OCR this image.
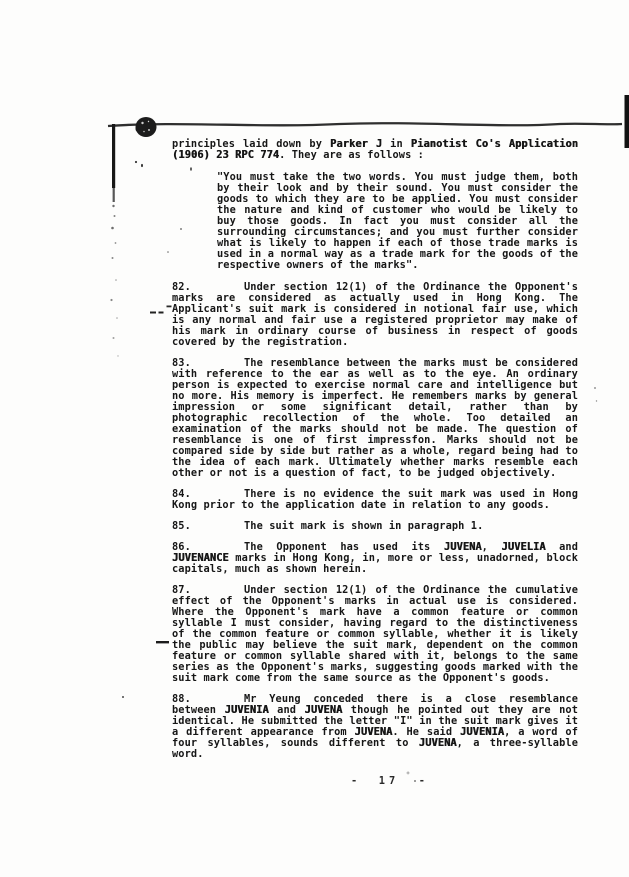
principles laid down by Parker J in Pianotist Co's Application (1906) 23 RPC 774. They are as follows :

"You must take the two words. You must judge them, both by their look and by their sound. You must consider the goods to which they are to be applied. You must consider the nature and kind of customer who would be likely to buy those goods. In fact you must consider all the surrounding circumstances; and you must further consider what is likely to happen if each of those trade marks is used in a normal way as a trade mark for the goods of the respective owners of the marks".

82.	Under section 12(1) of the Ordinance the Opponent's marks are considered as actually used in Hong Kong. The Applicant's suit mark is considered in notional fair use, which is any normal and fair use a registered proprietor may make of his mark in ordinary course of business in respect of goods covered by the registration.

83.	The resemblance between the marks must be considered with reference to the ear as well as to the eye. An ordinary person is expected to exercise normal care and intelligence but no more. His memory is imperfect. He remembers marks by general impression or some significant detail, rather than by photographic recollection of the whole. Too detailed an examination of the marks should not be made. The question of resemblance is one of first impressfon. Marks should not be compared side by side but rather as a whole, regard being had to the idea of each mark. Ultimately whether marks resemble each other or not is a question of fact, to be judged objectively.

84.	There is no evidence the suit mark was used in Hong Kong prior to the application date in relation to any goods.

85.	The suit mark is shown in paragraph 1.

86.	The Opponent has used its JUVENA, JUVELIA and JUVENANCE marks in Hong Kong, in, more or less, unadorned, block capitals, much as shown herein.

87.	Under section 12(1) of the Ordinance the cumulative effect of the Opponent's marks in actual use is considered. Where the Opponent's mark have a common feature or common syllable I must consider, having regard to the distinctiveness of the common feature or common syllable, whether it is likely the public may believe the suit mark, dependent on the common feature or common syllable shared with it, belongs to the same series as the Opponent's marks, suggesting goods marked with the suit mark come from the same source as the Opponent's goods.

88.	Mr Yeung conceded there is a close resemblance between JUVENIA and JUVENA though he pointed out they are not identical. He submitted the letter "I" in the suit mark gives it a different appearance from JUVENA. He said JUVENIA, a word of four syllables, sounds different to JUVENA, a three-syllable word.

- 17 -
